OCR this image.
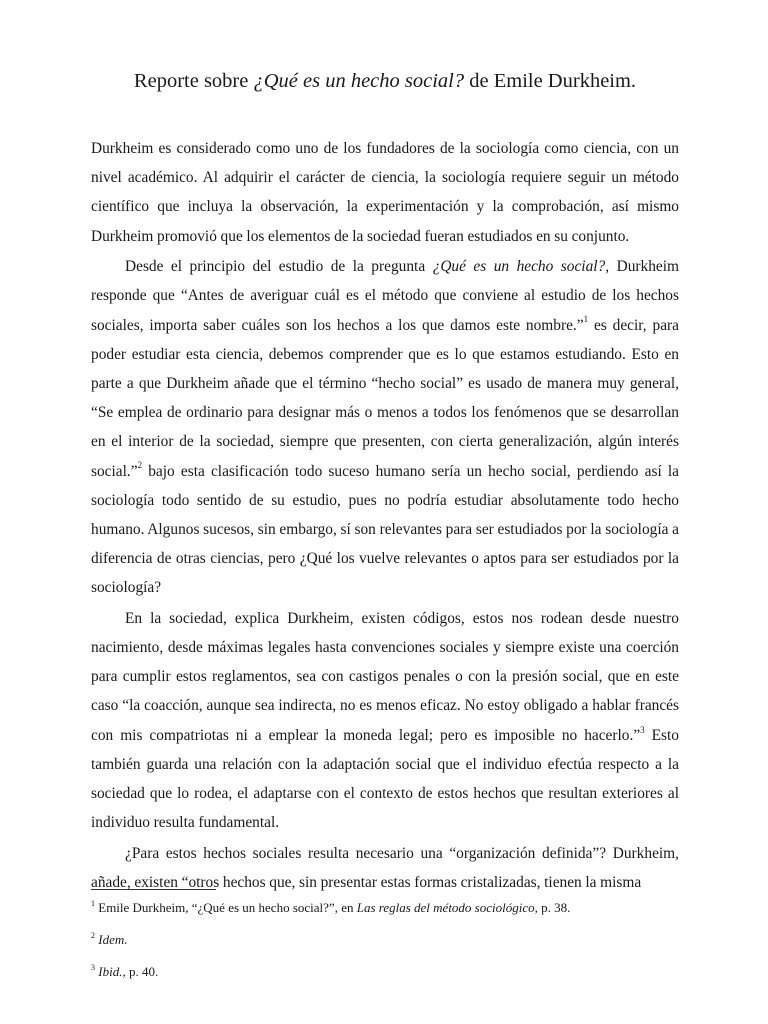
Reporte sobre ¿Qué es un hecho social? de Emile Durkheim.

Durkheim es considerado como uno de los fundadores de la sociología como ciencia, con un nivel académico. Al adquirir el carácter de ciencia, la sociología requiere seguir un método científico que incluya la observación, la experimentación y la comprobación, así mismo Durkheim promovió que los elementos de la sociedad fueran estudiados en su conjunto.

Desde el principio del estudio de la pregunta ¿Qué es un hecho social?, Durkheim responde que “Antes de averiguar cuál es el método que conviene al estudio de los hechos sociales, importa saber cuáles son los hechos a los que damos este nombre.”$^1$ es decir, para poder estudiar esta ciencia, debemos comprender que es lo que estamos estudiando. Esto en parte a que Durkheim añade que el término “hecho social” es usado de manera muy general, “Se emplea de ordinario para designar más o menos a todos los fenómenos que se desarrollan en el interior de la sociedad, siempre que presenten, con cierta generalización, algún interés social.”$^2$ bajo esta clasificación todo suceso humano sería un hecho social, perdiendo así la sociología todo sentido de su estudio, pues no podría estudiar absolutamente todo hecho humano. Algunos sucesos, sin embargo, sí son relevantes para ser estudiados por la sociología a diferencia de otras ciencias, pero ¿Qué los vuelve relevantes o aptos para ser estudiados por la sociología?

En la sociedad, explica Durkheim, existen códigos, estos nos rodean desde nuestro nacimiento, desde máximas legales hasta convenciones sociales y siempre existe una coerción para cumplir estos reglamentos, sea con castigos penales o con la presión social, que en este caso “la coacción, aunque sea indirecta, no es menos eficaz. No estoy obligado a hablar francés con mis compatriotas ni a emplear la moneda legal; pero es imposible no hacerlo.”$^3$ Esto también guarda una relación con la adaptación social que el individuo efectúa respecto a la sociedad que lo rodea, el adaptarse con el contexto de estos hechos que resultan exteriores al individuo resulta fundamental.

¿Para estos hechos sociales resulta necesario una “organización definida”? Durkheim, añade, existen “otros hechos que, sin presentar estas formas cristalizadas, tienen la misma

$^1$ Emile Durkheim, “¿Qué es un hecho social?”, en Las reglas del método sociológico, p. 38.

$^2$ Idem.

$^3$ Ibid., p. 40.
